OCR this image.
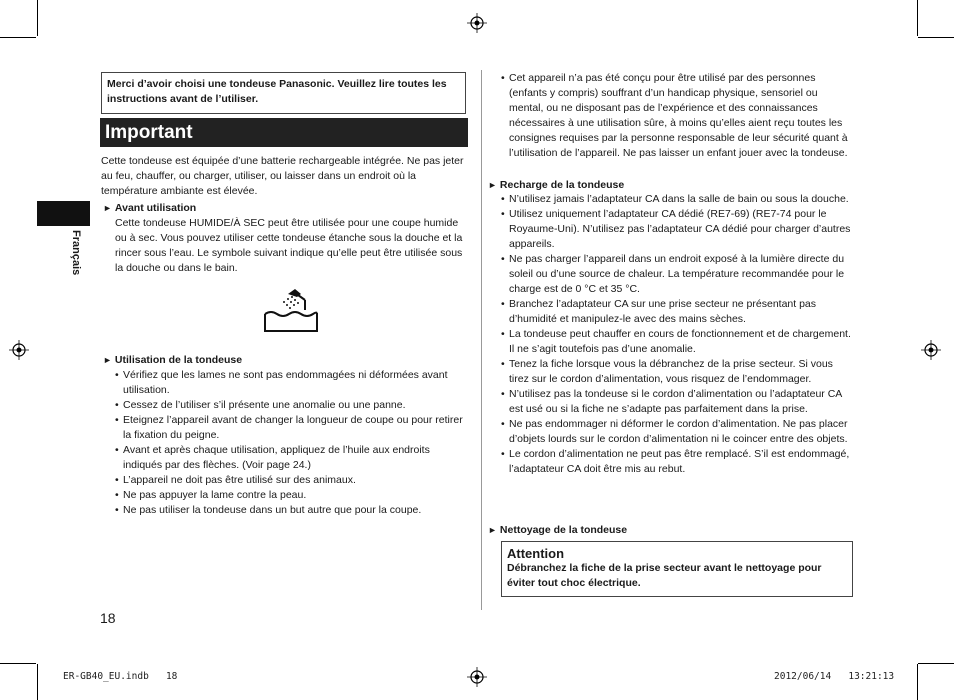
Français
Merci d’avoir choisi une tondeuse Panasonic. Veuillez lire toutes les instructions avant de l’utiliser.
Important
Cette tondeuse est équipée d’une batterie rechargeable intégrée. Ne pas jeter au feu, chauffer, ou charger, utiliser, ou laisser dans un endroit où la température ambiante est élevée.
► Avant utilisation
Cette tondeuse HUMIDE/À SEC peut être utilisée pour une coupe humide ou à sec. Vous pouvez utiliser cette tondeuse étanche sous la douche et la rincer sous l’eau. Le symbole suivant indique qu’elle peut être utilisée sous la douche ou dans le bain.
► Utilisation de la tondeuse
• Vérifiez que les lames ne sont pas endommagées ni déformées avant utilisation.
• Cessez de l’utiliser s’il présente une anomalie ou une panne.
• Eteignez l’appareil avant de changer la longueur de coupe ou pour retirer la fixation du peigne.
• Avant et après chaque utilisation, appliquez de l’huile aux endroits indiqués par des flèches. (Voir page 24.)
• L’appareil ne doit pas être utilisé sur des animaux.
• Ne pas appuyer la lame contre la peau.
• Ne pas utiliser la tondeuse dans un but autre que pour la coupe.
18
• Cet appareil n’a pas été conçu pour être utilisé par des personnes (enfants y compris) souffrant d’un handicap physique, sensoriel ou mental, ou ne disposant pas de l’expérience et des connaissances nécessaires à une utilisation sûre, à moins qu’elles aient reçu toutes les consignes requises par la personne responsable de leur sécurité quant à l’utilisation de l’appareil. Ne pas laisser un enfant jouer avec la tondeuse.
► Recharge de la tondeuse
• N’utilisez jamais l’adaptateur CA dans la salle de bain ou sous la douche.
• Utilisez uniquement l’adaptateur CA dédié (RE7-69) (RE7-74 pour le Royaume-Uni). N’utilisez pas l’adaptateur CA dédié pour charger d’autres appareils.
• Ne pas charger l’appareil dans un endroit exposé à la lumière directe du soleil ou d’une source de chaleur. La température recommandée pour le charge est de 0 °C et 35 °C.
• Branchez l’adaptateur CA sur une prise secteur ne présentant pas d’humidité et manipulez-le avec des mains sèches.
• La tondeuse peut chauffer en cours de fonctionnement et de chargement. Il ne s’agit toutefois pas d’une anomalie.
• Tenez la fiche lorsque vous la débranchez de la prise secteur. Si vous tirez sur le cordon d’alimentation, vous risquez de l’endommager.
• N’utilisez pas la tondeuse si le cordon d’alimentation ou l’adaptateur CA est usé ou si la fiche ne s’adapte pas parfaitement dans la prise.
• Ne pas endommager ni déformer le cordon d’alimentation. Ne pas placer d’objets lourds sur le cordon d’alimentation ni le coincer entre des objets.
• Le cordon d’alimentation ne peut pas être remplacé. S’il est endommagé, l’adaptateur CA doit être mis au rebut.
► Nettoyage de la tondeuse
Attention
Débranchez la fiche de la prise secteur avant le nettoyage pour éviter tout choc électrique.
ER-GB40_EU.indb   18	2012/06/14   13:21:13
